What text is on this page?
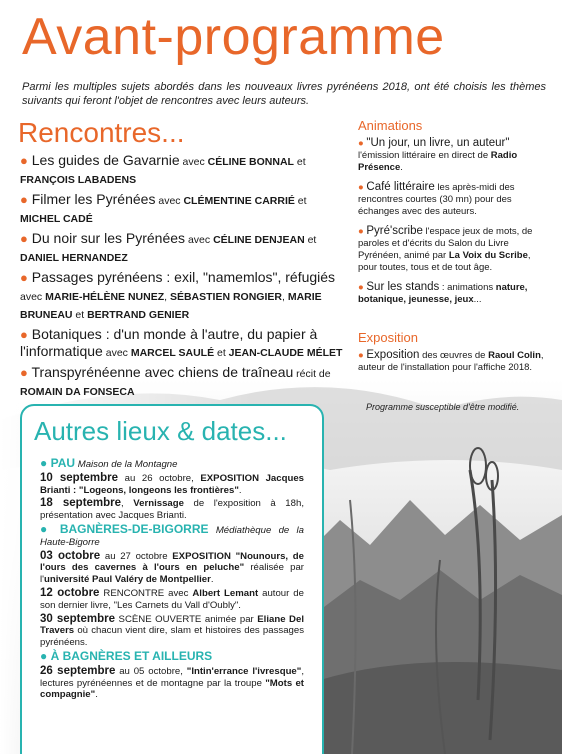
Avant-programme
Parmi les multiples sujets abordés dans les nouveaux livres pyrénéens 2018, ont été choisis les thèmes suivants qui feront l'objet de rencontres avec leurs auteurs.
Rencontres...
● Les guides de Gavarnie avec CÉLINE BONNAL et FRANÇOIS LABADENS
● Filmer les Pyrénées avec CLÉMENTINE CARRIÉ et MICHEL CADÉ
● Du noir sur les Pyrénées avec CÉLINE DENJEAN et DANIEL HERNANDEZ
● Passages pyrénéens : exil, "namemlos", réfugiés avec MARIE-HÉLÈNE NUNEZ, SÉBASTIEN RONGIER, MARIE BRUNEAU et BERTRAND GENIER
● Botaniques : d'un monde à l'autre, du papier à l'informatique avec MARCEL SAULÉ et JEAN-CLAUDE MÉLET
● Transpyrénéenne avec chiens de traîneau récit de ROMAIN DA FONSECA
Animations
● "Un jour, un livre, un auteur" l'émission littéraire en direct de Radio Présence.
● Café littéraire les après-midi des rencontres courtes (30 mn) pour des échanges avec des auteurs.
● Pyré'scribe l'espace jeux de mots, de paroles et d'écrits du Salon du Livre Pyrénéen, animé par La Voix du Scribe, pour toutes, tous et de tout âge.
● Sur les stands : animations nature, botanique, jeunesse, jeux...
Exposition
● Exposition des œuvres de Raoul Colin, auteur de l'installation pour l'affiche 2018.
Programme susceptible d'être modifié.
Autres lieux & dates...
● PAU Maison de la Montagne
10 septembre au 26 octobre, EXPOSITION Jacques Brianti : "Logeons, longeons les frontières".
18 septembre, Vernissage de l'exposition à 18h, présentation avec Jacques Brianti.
● BAGNÈRES-DE-BIGORRE Médiathèque de la Haute-Bigorre
03 octobre au 27 octobre EXPOSITION "Nounours, de l'ours des cavernes à l'ours en peluche" réalisée par l'université Paul Valéry de Montpellier.
12 octobre RENCONTRE avec Albert Lemant autour de son dernier livre, "Les Carnets du Vall d'Oubly".
30 septembre SCÈNE OUVERTE animée par Eliane Del Travers où chacun vient dire, slam et histoires des passages pyrénéens.
● À BAGNÈRES ET AILLEURS
26 septembre au 05 octobre, "Intin'errance l'ivresque", lectures pyrénéennes et de montagne par la troupe "Mots et compagnie".
